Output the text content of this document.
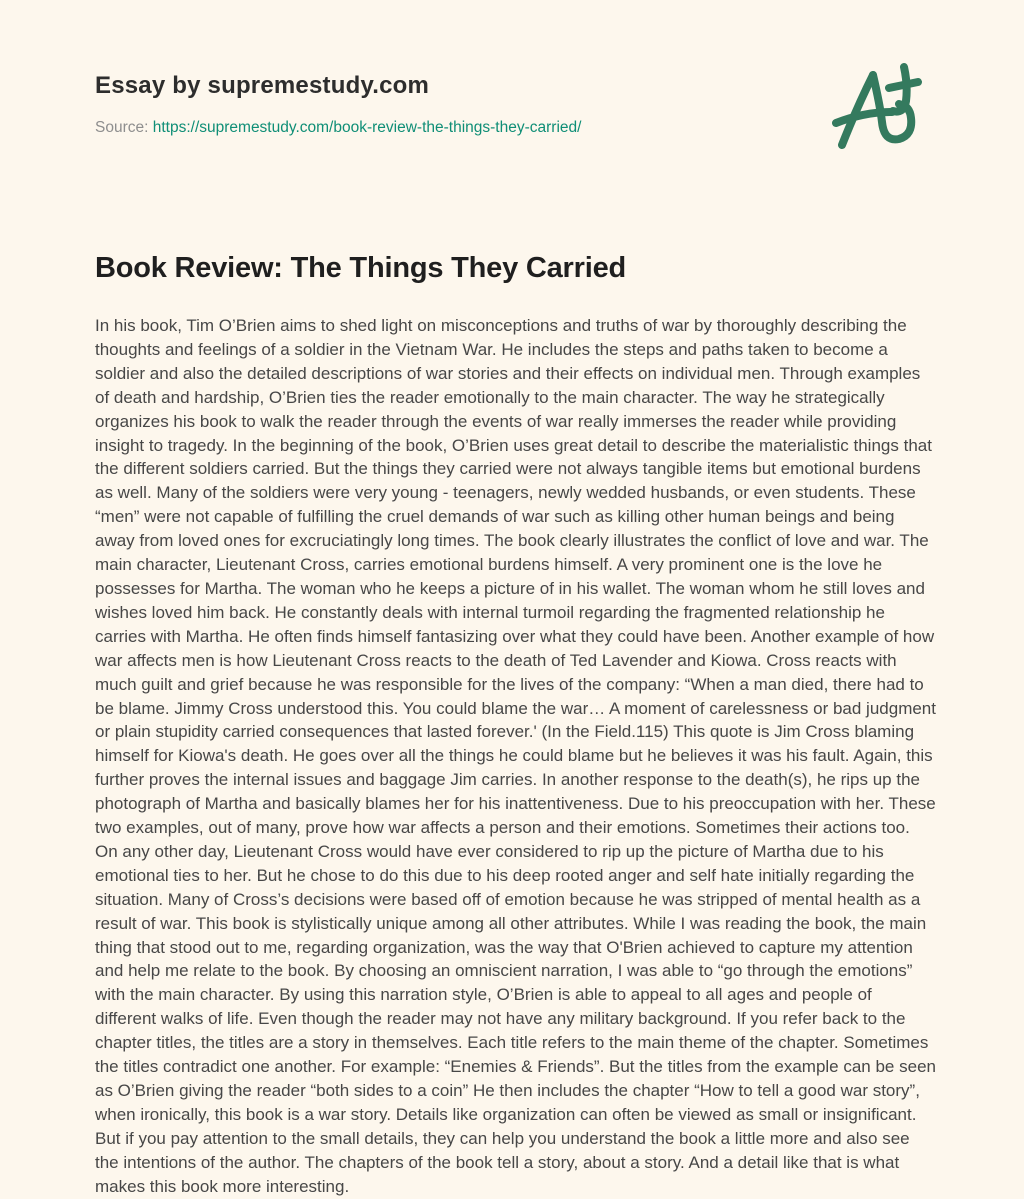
Essay by supremestudy.com
Source: https://supremestudy.com/book-review-the-things-they-carried/
Book Review: The Things They Carried
In his book, Tim O’Brien aims to shed light on misconceptions and truths of war by thoroughly describing the thoughts and feelings of a soldier in the Vietnam War. He includes the steps and paths taken to become a soldier and also the detailed descriptions of war stories and their effects on individual men. Through examples of death and hardship, O’Brien ties the reader emotionally to the main character. The way he strategically organizes his book to walk the reader through the events of war really immerses the reader while providing insight to tragedy. In the beginning of the book, O’Brien uses great detail to describe the materialistic things that the different soldiers carried. But the things they carried were not always tangible items but emotional burdens as well. Many of the soldiers were very young - teenagers, newly wedded husbands, or even students. These “men” were not capable of fulfilling the cruel demands of war such as killing other human beings and being away from loved ones for excruciatingly long times. The book clearly illustrates the conflict of love and war. The main character, Lieutenant Cross, carries emotional burdens himself. A very prominent one is the love he possesses for Martha. The woman who he keeps a picture of in his wallet. The woman whom he still loves and wishes loved him back. He constantly deals with internal turmoil regarding the fragmented relationship he carries with Martha. He often finds himself fantasizing over what they could have been. Another example of how war affects men is how Lieutenant Cross reacts to the death of Ted Lavender and Kiowa. Cross reacts with much guilt and grief because he was responsible for the lives of the company: “When a man died, there had to be blame. Jimmy Cross understood this. You could blame the war… A moment of carelessness or bad judgment or plain stupidity carried consequences that lasted forever.' (In the Field.115) This quote is Jim Cross blaming himself for Kiowa's death. He goes over all the things he could blame but he believes it was his fault. Again, this further proves the internal issues and baggage Jim carries. In another response to the death(s), he rips up the photograph of Martha and basically blames her for his inattentiveness. Due to his preoccupation with her. These two examples, out of many, prove how war affects a person and their emotions. Sometimes their actions too. On any other day, Lieutenant Cross would have ever considered to rip up the picture of Martha due to his emotional ties to her. But he chose to do this due to his deep rooted anger and self hate initially regarding the situation. Many of Cross’s decisions were based off of emotion because he was stripped of mental health as a result of war. This book is stylistically unique among all other attributes. While I was reading the book, the main thing that stood out to me, regarding organization, was the way that O'Brien achieved to capture my attention and help me relate to the book. By choosing an omniscient narration, I was able to “go through the emotions” with the main character. By using this narration style, O’Brien is able to appeal to all ages and people of different walks of life. Even though the reader may not have any military background. If you refer back to the chapter titles, the titles are a story in themselves. Each title refers to the main theme of the chapter. Sometimes the titles contradict one another. For example: “Enemies & Friends”. But the titles from the example can be seen as O’Brien giving the reader “both sides to a coin” He then includes the chapter “How to tell a good war story”, when ironically, this book is a war story. Details like organization can often be viewed as small or insignificant. But if you pay attention to the small details, they can help you understand the book a little more and also see the intentions of the author. The chapters of the book tell a story, about a story. And a detail like that is what makes this book more interesting.
